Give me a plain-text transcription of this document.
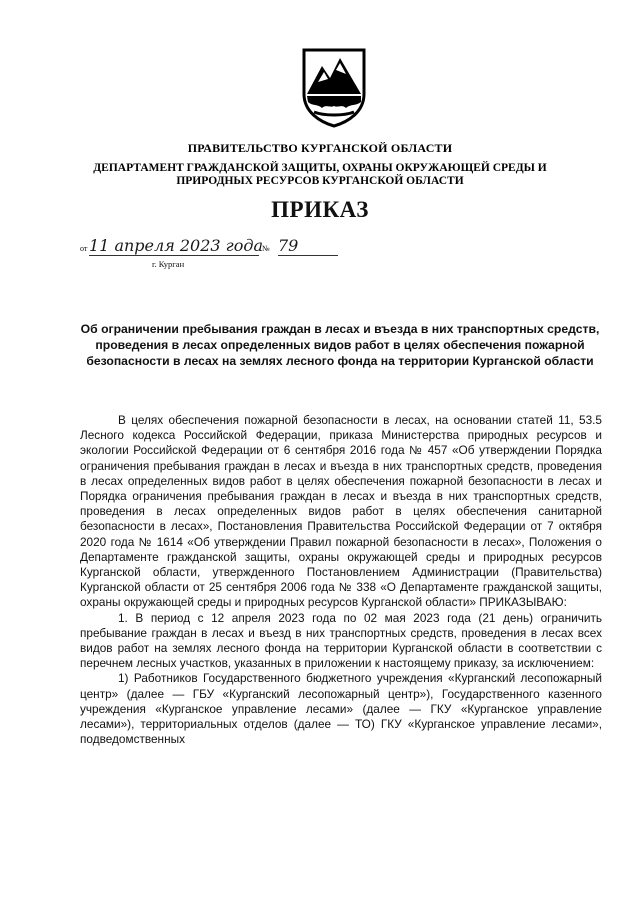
ПРАВИТЕЛЬСТВО КУРГАНСКОЙ ОБЛАСТИ
ДЕПАРТАМЕНТ ГРАЖДАНСКОЙ ЗАЩИТЫ, ОХРАНЫ ОКРУЖАЮЩЕЙ СРЕДЫ И ПРИРОДНЫХ РЕСУРСОВ КУРГАНСКОЙ ОБЛАСТИ
ПРИКАЗ
от 11 апреля 2023 года
№ 79
г. Курган
Об ограничении пребывания граждан в лесах и въезда в них транспортных средств, проведения в лесах определенных видов работ в целях обеспечения пожарной безопасности в лесах на землях лесного фонда на территории Курганской области

В целях обеспечения пожарной безопасности в лесах, на основании статей 11, 53.5 Лесного кодекса Российской Федерации, приказа Министерства природных ресурсов и экологии Российской Федерации от 6 сентября 2016 года № 457 «Об утверждении Порядка ограничения пребывания граждан в лесах и въезда в них транспортных средств, проведения в лесах определенных видов работ в целях обеспечения пожарной безопасности в лесах и Порядка ограничения пребывания граждан в лесах и въезда в них транспортных средств, проведения в лесах определенных видов работ в целях обеспечения санитарной безопасности в лесах», Постановления Правительства Российской Федерации от 7 октября 2020 года № 1614 «Об утверждении Правил пожарной безопасности в лесах», Положения о Департаменте гражданской защиты, охраны окружающей среды и природных ресурсов Курганской области, утвержденного Постановлением Администрации (Правительства) Курганской области от 25 сентября 2006 года № 338 «О Департаменте гражданской защиты, охраны окружающей среды и природных ресурсов Курганской области» ПРИКАЗЫВАЮ:

1. В период с 12 апреля 2023 года по 02 мая 2023 года (21 день) ограничить пребывание граждан в лесах и въезд в них транспортных средств, проведения в лесах всех видов работ на землях лесного фонда на территории Курганской области в соответствии с перечнем лесных участков, указанных в приложении к настоящему приказу, за исключением:

1) Работников Государственного бюджетного учреждения «Курганский лесопожарный центр» (далее — ГБУ «Курганский лесопожарный центр»), Государственного казенного учреждения «Курганское управление лесами» (далее — ГКУ «Курганское управление лесами»), территориальных отделов (далее — ТО) ГКУ «Курганское управление лесами», подведомственных
